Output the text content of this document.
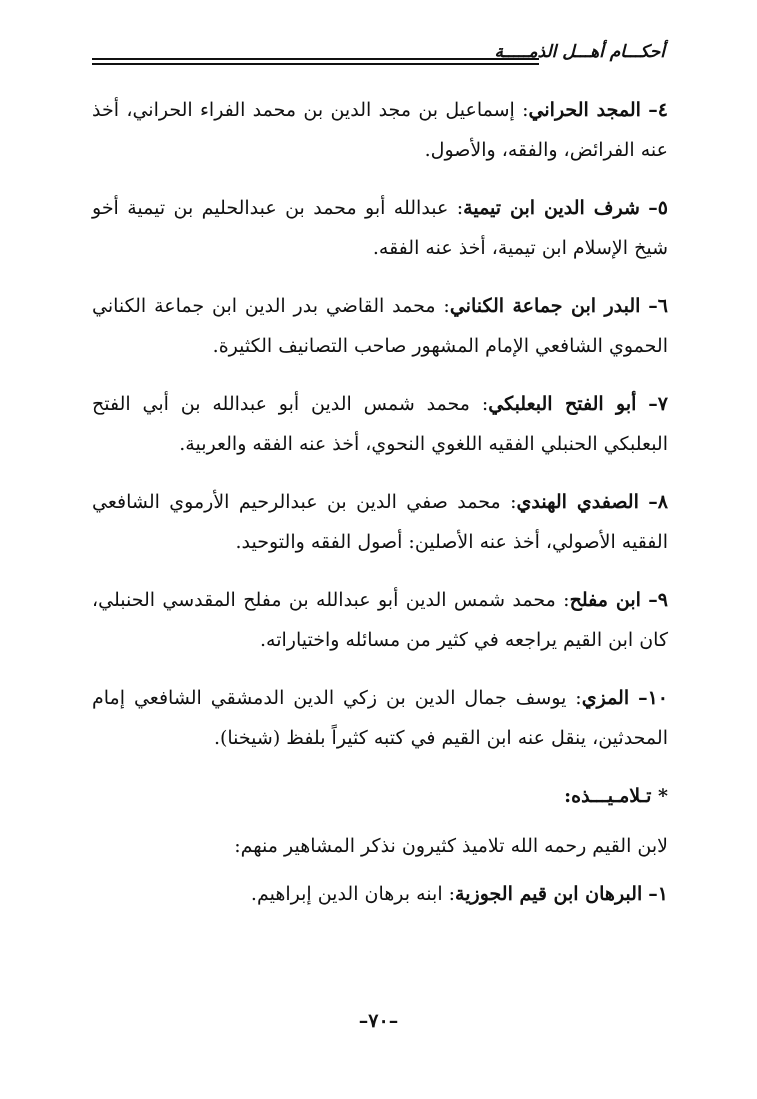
أحكـــام أهـــل الذمـــــة

٤– المجد الحراني: إسماعيل بن مجد الدين بن محمد الفراء الحراني، أخذ عنه الفرائض، والفقه، والأصول.

٥– شرف الدين ابن تيمية: عبدالله أبو محمد بن عبدالحليم بن تيمية أخو شيخ الإسلام ابن تيمية، أخذ عنه الفقه.

٦– البدر ابن جماعة الكناني: محمد القاضي بدر الدين ابن جماعة الكناني الحموي الشافعي الإمام المشهور صاحب التصانيف الكثيرة.

٧– أبو الفتح البعلبكي: محمد شمس الدين أبو عبدالله بن أبي الفتح البعلبكي الحنبلي الفقيه اللغوي النحوي، أخذ عنه الفقه والعربية.

٨– الصفدي الهندي: محمد صفي الدين بن عبدالرحيم الأرموي الشافعي الفقيه الأصولي، أخذ عنه الأصلين: أصول الفقه والتوحيد.

٩– ابن مفلح: محمد شمس الدين أبو عبدالله بن مفلح المقدسي الحنبلي، كان ابن القيم يراجعه في كثير من مسائله واختياراته.

١٠– المزي: يوسف جمال الدين بن زكي الدين الدمشقي الشافعي إمام المحدثين، ينقل عنه ابن القيم في كتبه كثيراً بلفظ (شيخنا).

* تـلامـيـــذه:

لابن القيم رحمه الله تلاميذ كثيرون نذكر المشاهير منهم:

١– البرهان ابن قيم الجوزية: ابنه برهان الدين إبراهيم.

–٧٠–
